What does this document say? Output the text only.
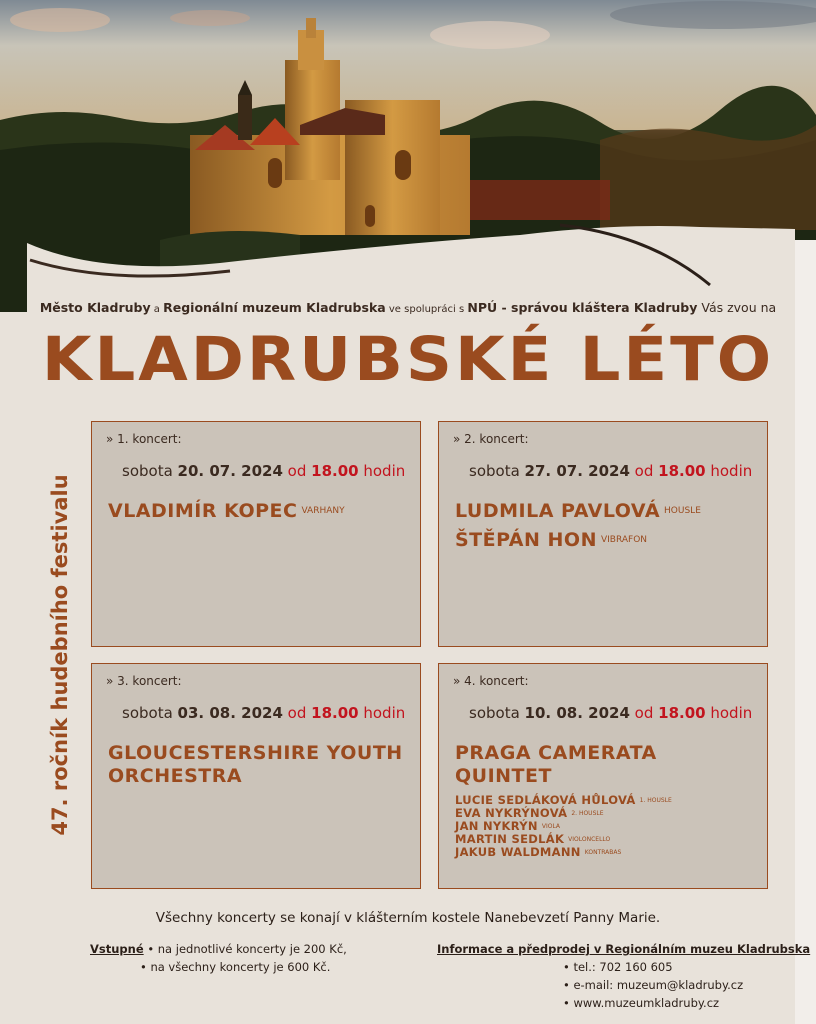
Město Kladruby a Regionální muzeum Kladrubska ve spolupráci s NPÚ - správou kláštera Kladruby Vás zvou na
KLADRUBSKÉ LÉTO
47. ročník hudebního festivalu
» 1. koncert:
sobota 20. 07. 2024 od 18.00 hodin
VLADIMÍR KOPEC $^{VARHANY}$
» 2. koncert:
sobota 27. 07. 2024 od 18.00 hodin
LUDMILA PAVLOVÁ $^{HOUSLE}$
ŠTĚPÁN HON $^{VIBRAFON}$
» 3. koncert:
sobota 03. 08. 2024 od 18.00 hodin
GLOUCESTERSHIRE YOUTH ORCHESTRA
» 4. koncert:
sobota 10. 08. 2024 od 18.00 hodin
PRAGA CAMERATA QUINTET
LUCIE SEDLÁKOVÁ HŮLOVÁ $^{1. HOUSLE}$
EVA NYKRÝNOVÁ $^{2. HOUSLE}$
JAN NYKRÝN $^{VIOLA}$
MARTIN SEDLÁK $^{VIOLONCELLO}$
JAKUB WALDMANN $^{KONTRABAS}$
Všechny koncerty se konají v klášterním kostele Nanebevzetí Panny Marie.
Vstupné • na jednotlivé koncerty je 200 Kč,
• na všechny koncerty je 600 Kč.
Informace a předprodej v Regionálním muzeu Kladrubska
• tel.: 702 160 605
• e-mail: muzeum@kladruby.cz
• www.muzeumkladruby.cz
